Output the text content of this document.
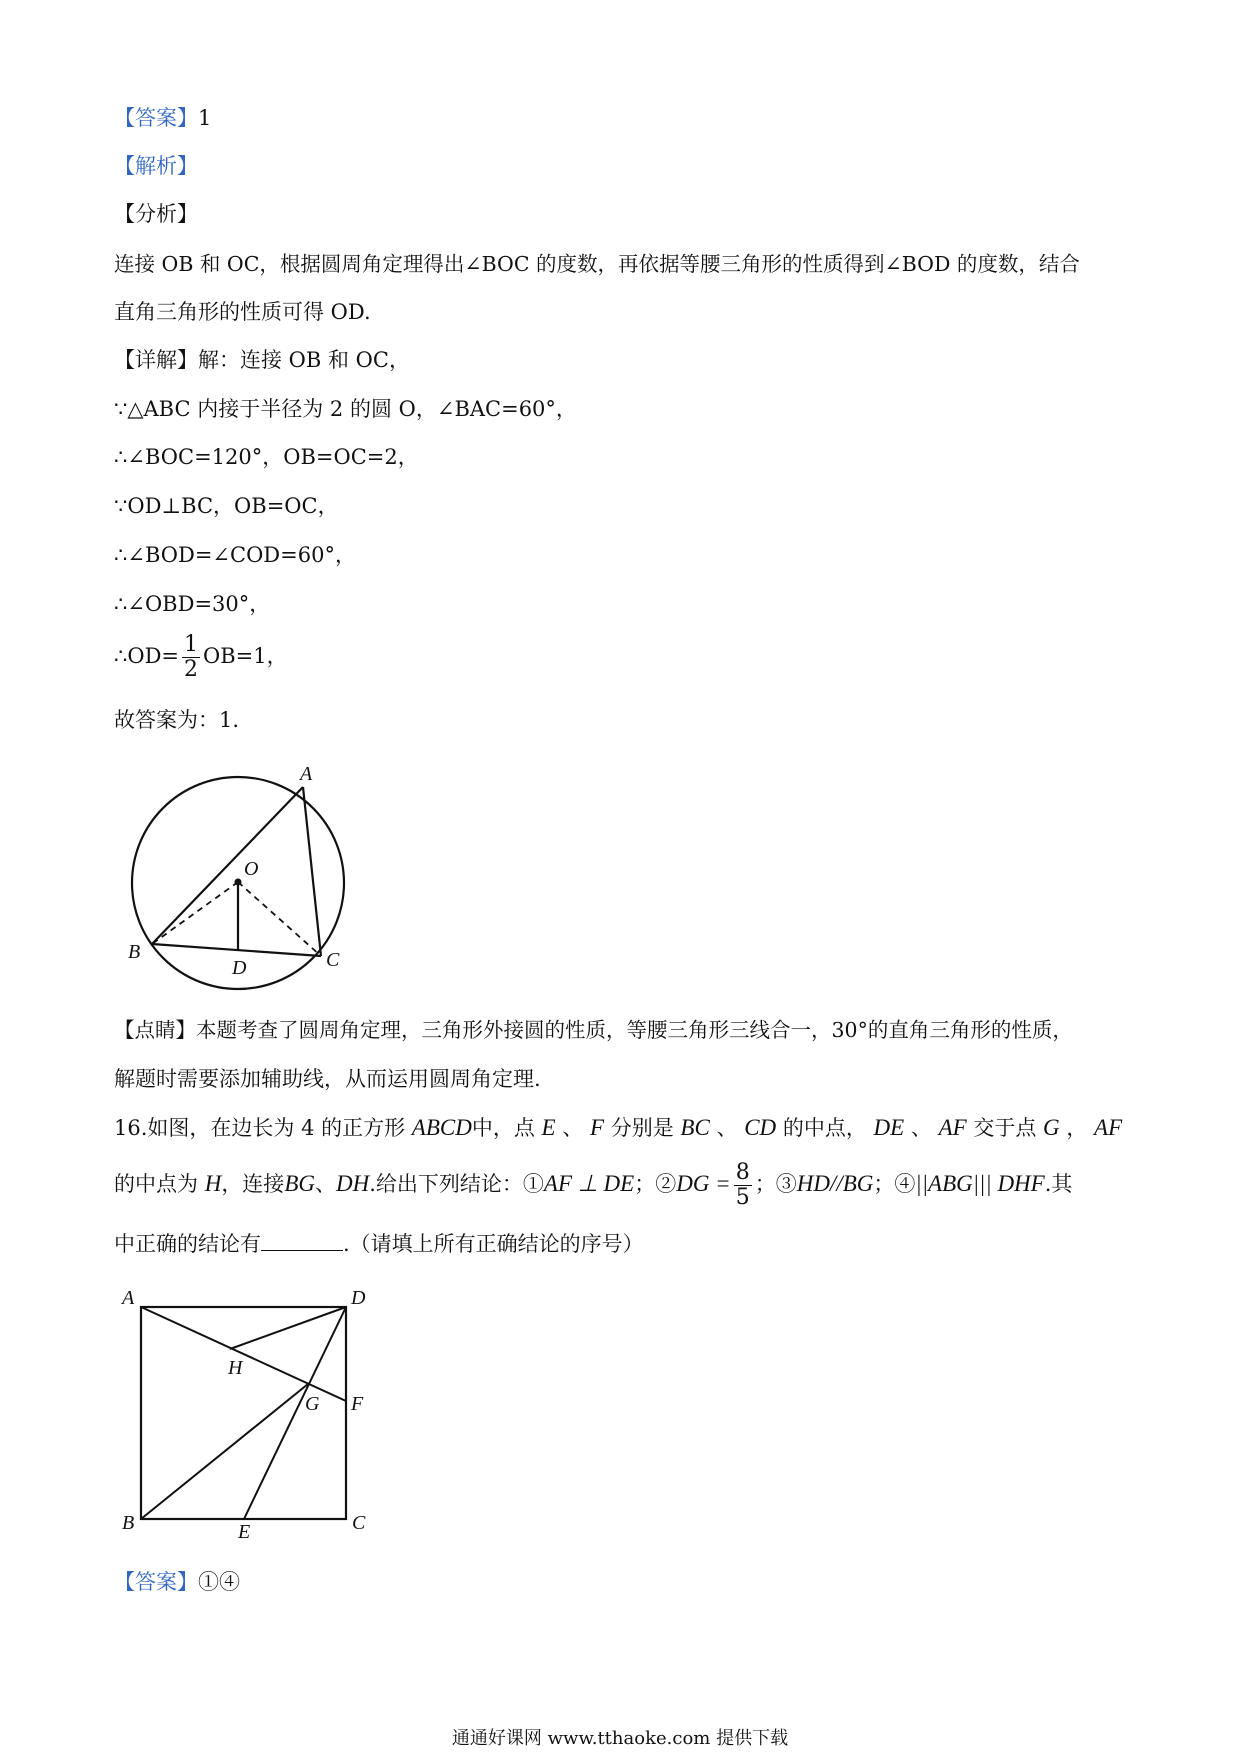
【答案】1
【解析】
【分析】
连接 OB 和 OC，根据圆周角定理得出∠BOC 的度数，再依据等腰三角形的性质得到∠BOD 的度数，结合
直角三角形的性质可得 OD.
【详解】解：连接 OB 和 OC，
∵△ABC 内接于半径为 2 的圆 O，∠BAC=60°，
∴∠BOC=120°，OB=OC=2，
∵OD⊥BC，OB=OC，
∴∠BOD=∠COD=60°，
∴∠OBD=30°，
∴OD= $\frac{1}{2} OB=1$，
故答案为：1.
A
O
B
D	C
【点睛】本题考查了圆周角定理，三角形外接圆的性质，等腰三角形三线合一，30°的直角三角形的性质，
解题时需要添加辅助线，从而运用圆周角定理.
16.如图，在边长为 4 的正方形 ABCD中，点 E 、 F 分别是 BC 、 CD 的中点， DE 、 AF 交于点 G ， AF
的中点为 H，连接BG、DH.给出下列结论：①AF ⊥ DE；②DG = $\frac{8}{5}$ ；③HD//BG；④||ABG||| DHF.其
中正确的结论有	.（请填上所有正确结论的序号）
A	D
H
G F
B	E	C
【答案】①④
通通好课网 www.tthaoke.com 提供下载
